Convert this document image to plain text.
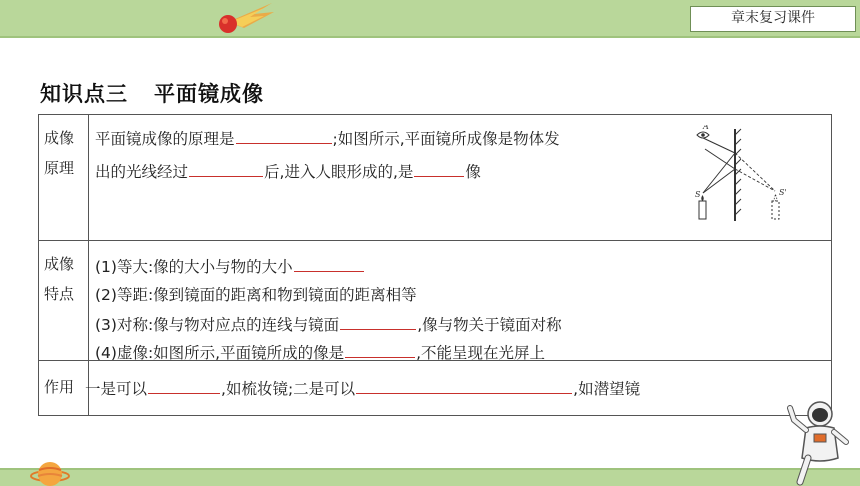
章末复习课件
知识点三 平面镜成像
成像
原理
平面镜成像的原理是	;如图所示,平面镜所成像是物体发
出的光线经过	后,进入人眼形成的,是	像
A
S	S'
成像
特点
(1)等大:像的大小与物的大小
(2)等距:像到镜面的距离和物到镜面的距离相等
(3)对称:像与物对应点的连线与镜面	,像与物关于镜面对称
(4)虚像:如图所示,平面镜所成的像是	,不能呈现在光屏上
作用 一是可以	,如梳妆镜;二是可以	,如潜望镜
